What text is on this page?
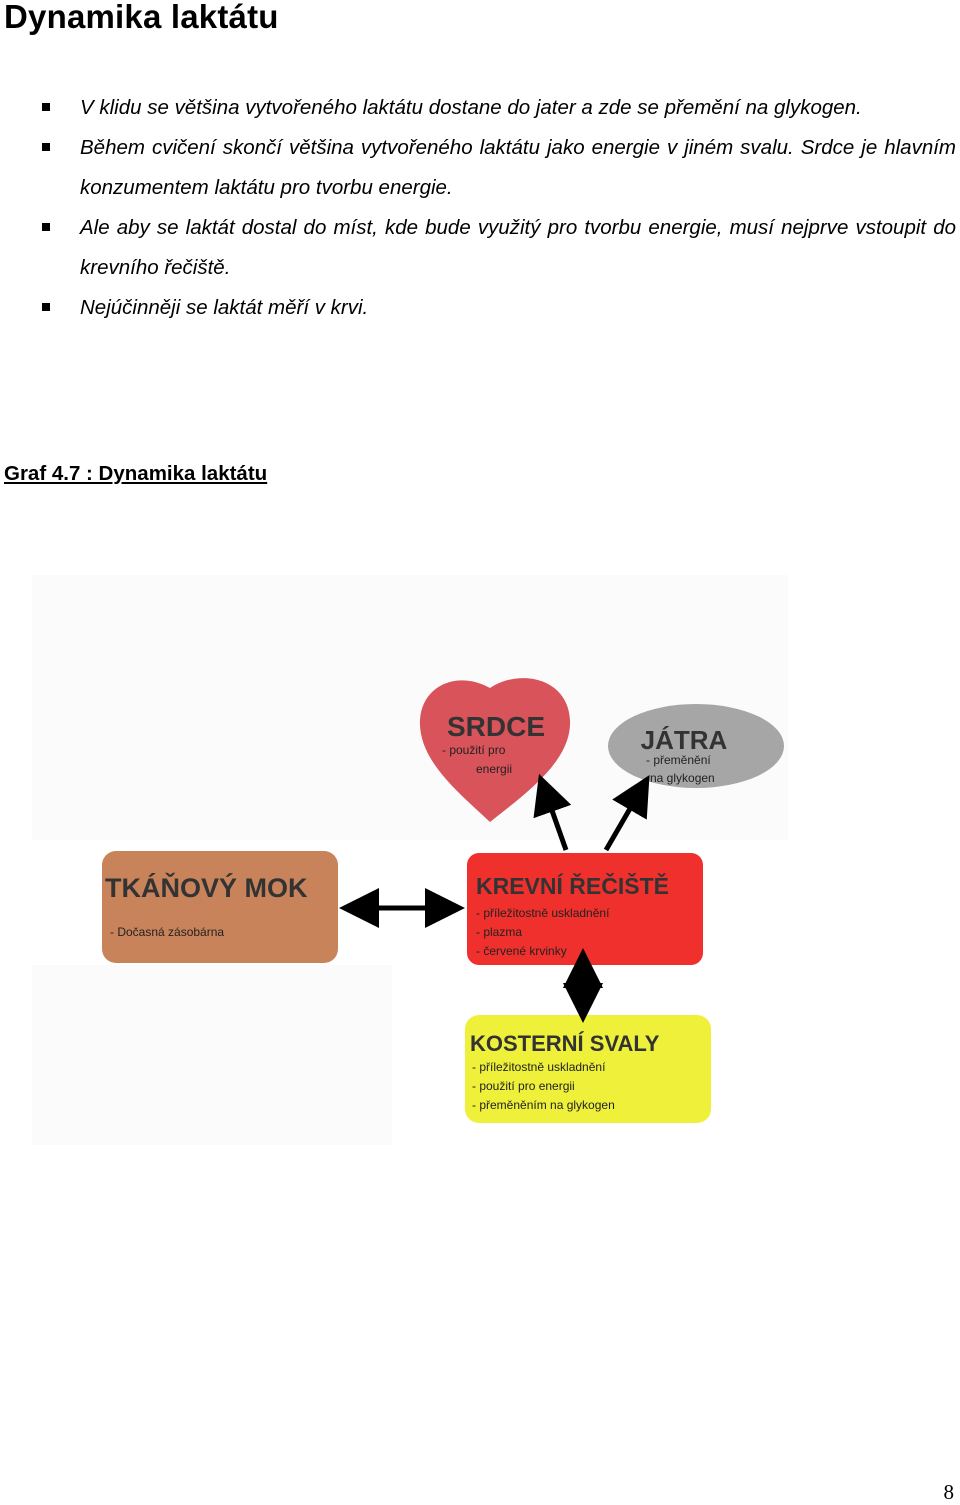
Dynamika laktátu
V klidu se většina vytvořeného laktátu dostane do jater a zde se přemění na glykogen.
Během cvičení skončí většina vytvořeného laktátu jako energie v jiném svalu. Srdce je hlavním konzumentem laktátu pro tvorbu energie.
Ale aby se laktát dostal do míst, kde bude využitý pro tvorbu energie, musí nejprve vstoupit do krevního řečiště.
Nejúčinněji se laktát měří v krvi.

Graf 4.7 : Dynamika laktátu

SRDCE
- použití pro
energii
JÁTRA
- přeměnění
na glykogen
TKÁŇOVÝ MOK
- Dočasná zásobárna
KREVNÍ ŘEČIŠTĚ
- příležitostně uskladnění
- plazma
- červené krvinky
KOSTERNÍ SVALY
- příležitostně uskladnění
- použití pro energii
- přeměněním na glykogen
8
